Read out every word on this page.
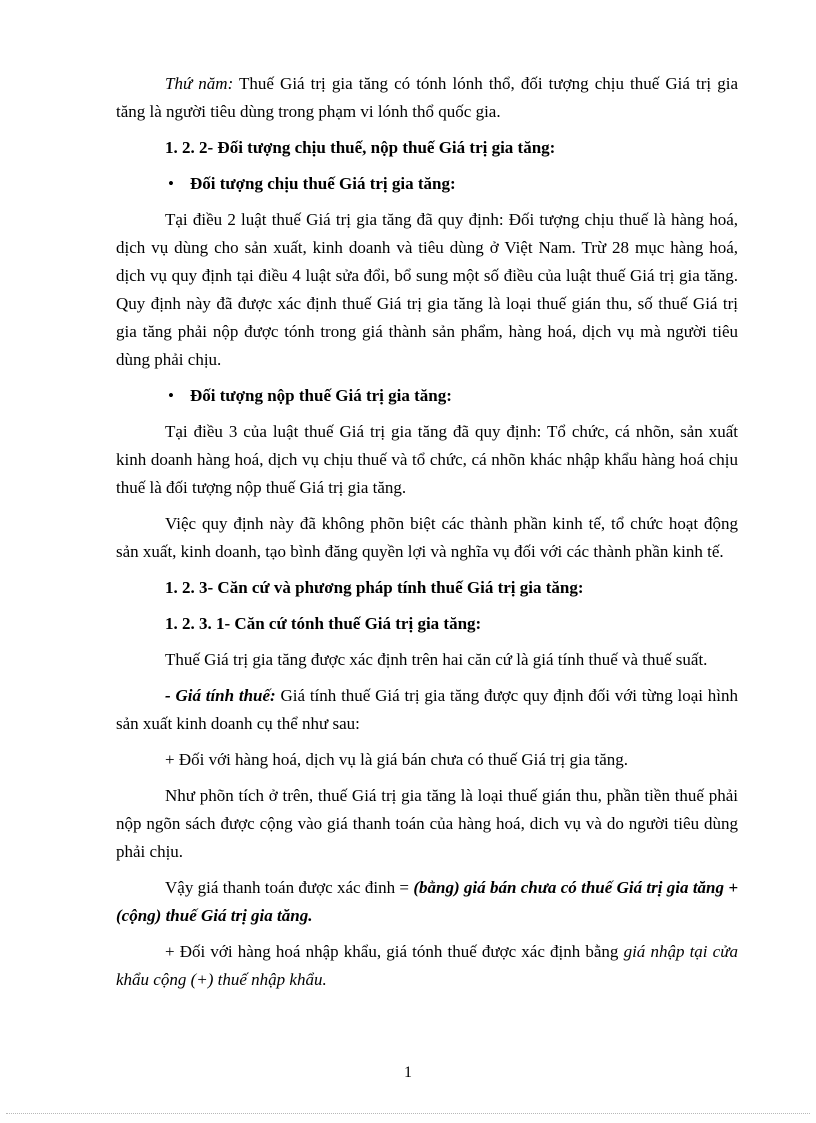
Thứ năm: Thuế Giá trị gia tăng có tónh lónh thổ, đối tượng chịu thuế Giá trị gia tăng là người tiêu dùng trong phạm vi lónh thổ quốc gia.

1. 2. 2- Đối tượng chịu thuế, nộp thuế Giá trị gia tăng:

• Đối tượng chịu thuế Giá trị gia tăng:

Tại điều 2 luật thuế Giá trị gia tăng đã quy định: Đối tượng chịu thuế là hàng hoá, dịch vụ dùng cho sản xuất, kinh doanh và tiêu dùng ở Việt Nam. Trừ 28 mục hàng hoá, dịch vụ quy định tại điều 4 luật sửa đổi, bổ sung một số điều của luật thuế Giá trị gia tăng. Quy định này đã được xác định thuế Giá trị gia tăng là loại thuế gián thu, số thuế Giá trị gia tăng phải nộp được tónh trong giá thành sản phẩm, hàng hoá, dịch vụ mà người tiêu dùng phải chịu.

• Đối tượng nộp thuế Giá trị gia tăng:

Tại điều 3 của luật thuế Giá trị gia tăng đã quy định: Tổ chức, cá nhõn, sản xuất kinh doanh hàng hoá, dịch vụ chịu thuế và tổ chức, cá nhõn khác nhập khẩu hàng hoá chịu thuế là đối tượng nộp thuế Giá trị gia tăng.

Việc quy định này đã không phõn biệt các thành phần kinh tế, tổ chức hoạt động sản xuất, kinh doanh, tạo bình đăng quyền lợi và nghĩa vụ đối với các thành phần kinh tế.

1. 2. 3- Căn cứ và phương pháp tính thuế Giá trị gia tăng:

1. 2. 3. 1- Căn cứ tónh thuế Giá trị gia tăng:

Thuế Giá trị gia tăng được xác định trên hai căn cứ là giá tính thuế và thuế suất.

- Giá tính thuế: Giá tính thuế Giá trị gia tăng được quy định đối với từng loại hình sản xuất kinh doanh cụ thể như sau:

+ Đối với hàng hoá, dịch vụ là giá bán chưa có thuế Giá trị gia tăng.

Như phõn tích ở trên, thuế Giá trị gia tăng là loại thuế gián thu, phần tiền thuế phải nộp ngõn sách được cộng vào giá thanh toán của hàng hoá, dich vụ và do người tiêu dùng phải chịu.

Vậy giá thanh toán được xác đinh = (bằng) giá bán chưa có thuế Giá trị gia tăng + (cộng) thuế Giá trị gia tăng.

+ Đối với hàng hoá nhập khẩu, giá tónh thuế được xác định bằng giá nhập tại cửa khẩu cộng (+) thuế nhập khẩu.

1
